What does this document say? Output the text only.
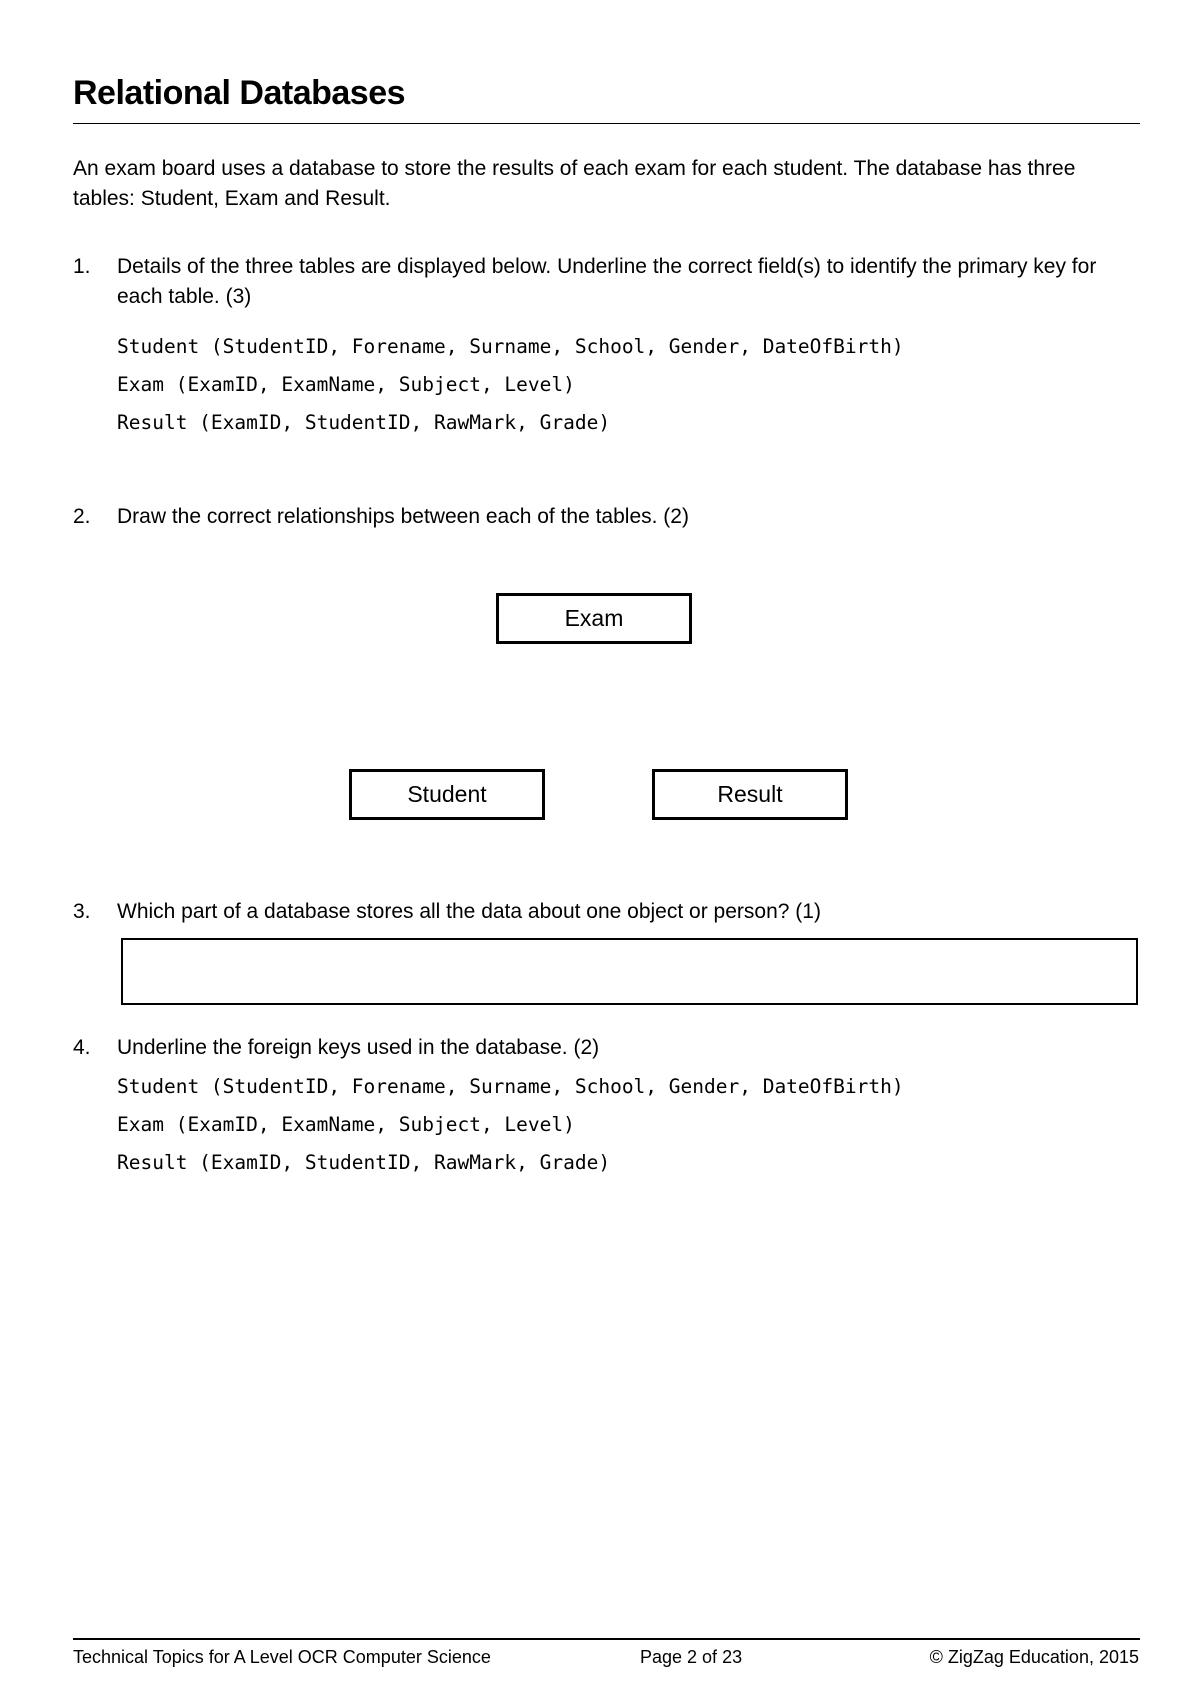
Relational Databases
An exam board uses a database to store the results of each exam for each student. The database has three tables: Student, Exam and Result.
1. Details of the three tables are displayed below. Underline the correct field(s) to identify the primary key for each table. (3)
Student (StudentID, Forename, Surname, School, Gender, DateOfBirth)
Exam (ExamID, ExamName, Subject, Level)
Result (ExamID, StudentID, RawMark, Grade)
2. Draw the correct relationships between each of the tables. (2)
Exam
Student	Result
3. Which part of a database stores all the data about one object or person? (1)
4. Underline the foreign keys used in the database. (2)
Student (StudentID, Forename, Surname, School, Gender, DateOfBirth)
Exam (ExamID, ExamName, Subject, Level)
Result (ExamID, StudentID, RawMark, Grade)
Technical Topics for A Level OCR Computer Science	Page 2 of 23	© ZigZag Education, 2015
